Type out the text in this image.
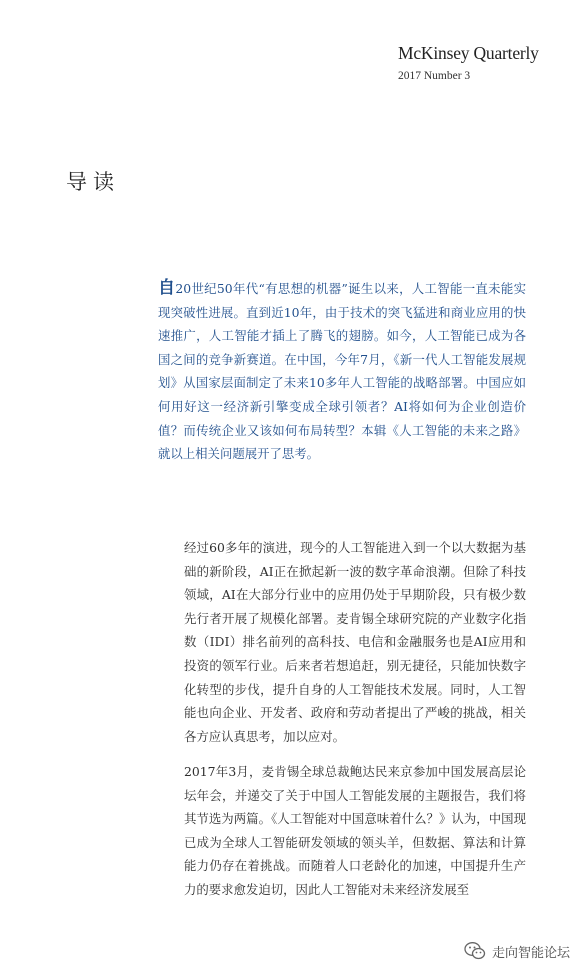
McKinsey Quarterly
2017 Number 3
导读

自20世纪50年代“有思想的机器”诞生以来，人工智能一直未能实现突破性进展。直到近10年，由于技术的突飞猛进和商业应用的快速推广，人工智能才插上了腾飞的翅膀。如今，人工智能已成为各国之间的竞争新赛道。在中国，今年7月，《新一代人工智能发展规划》从国家层面制定了未来10多年人工智能的战略部署。中国应如何用好这一经济新引擎变成全球引领者？AI将如何为企业创造价值？而传统企业又该如何布局转型？本辑《人工智能的未来之路》就以上相关问题展开了思考。

经过60多年的演进，现今的人工智能进入到一个以大数据为基础的新阶段，AI正在掀起新一波的数字革命浪潮。但除了科技领域，AI在大部分行业中的应用仍处于早期阶段，只有极少数先行者开展了规模化部署。麦肯锡全球研究院的产业数字化指数（IDI）排名前列的高科技、电信和金融服务也是AI应用和投资的领军行业。后来者若想追赶，别无捷径，只能加快数字化转型的步伐，提升自身的人工智能技术发展。同时，人工智能也向企业、开发者、政府和劳动者提出了严峻的挑战，相关各方应认真思考，加以应对。

2017年3月，麦肯锡全球总裁鲍达民来京参加中国发展高层论坛年会，并递交了关于中国人工智能发展的主题报告，我们将其节选为两篇。《人工智能对中国意味着什么？》认为，中国现已成为全球人工智能研发领域的领头羊，但数据、算法和计算能力仍存在着挑战。而随着人口老龄化的加速，中国提升生产力的要求愈发迫切，因此人工智能对未来经济发展至

走向智能论坛
